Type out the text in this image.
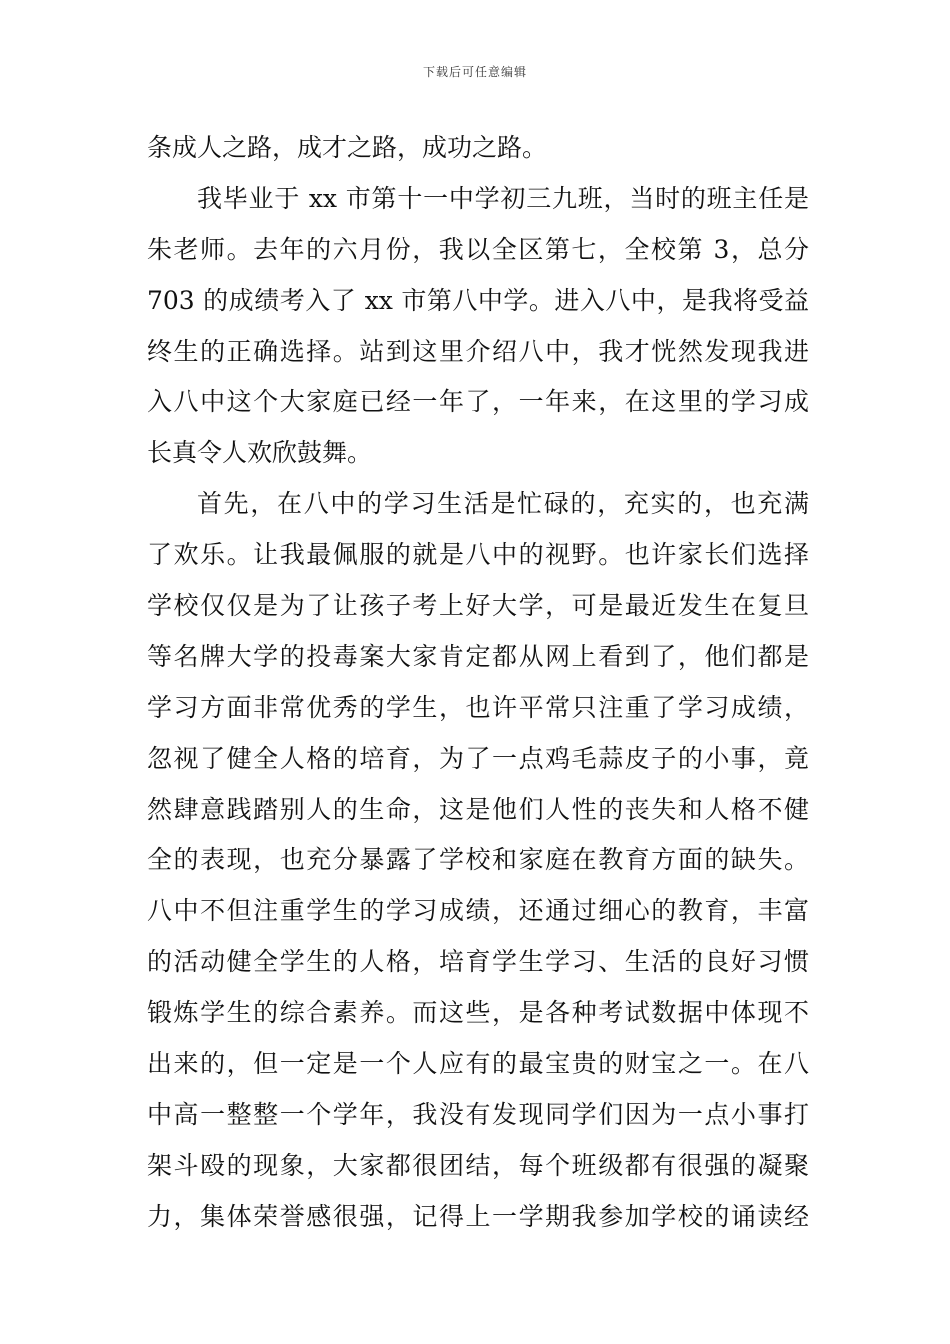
下载后可任意编辑
条成人之路，成才之路，成功之路。
我毕业于 xx 市第十一中学初三九班，当时的班主任是
朱老师。去年的六月份，我以全区第七，全校第 3，总分
703 的成绩考入了 xx 市第八中学。进入八中，是我将受益
终生的正确选择。站到这里介绍八中，我才恍然发现我进
入八中这个大家庭已经一年了，一年来，在这里的学习成
长真令人欢欣鼓舞。
首先，在八中的学习生活是忙碌的，充实的，也充满
了欢乐。让我最佩服的就是八中的视野。也许家长们选择
学校仅仅是为了让孩子考上好大学，可是最近发生在复旦
等名牌大学的投毒案大家肯定都从网上看到了，他们都是
学习方面非常优秀的学生，也许平常只注重了学习成绩，
忽视了健全人格的培育，为了一点鸡毛蒜皮子的小事，竟
然肆意践踏别人的生命，这是他们人性的丧失和人格不健
全的表现，也充分暴露了学校和家庭在教育方面的缺失。
八中不但注重学生的学习成绩，还通过细心的教育，丰富
的活动健全学生的人格，培育学生学习、生活的良好习惯
锻炼学生的综合素养。而这些，是各种考试数据中体现不
出来的，但一定是一个人应有的最宝贵的财宝之一。在八
中高一整整一个学年，我没有发现同学们因为一点小事打
架斗殴的现象，大家都很团结，每个班级都有很强的凝聚
力，集体荣誉感很强，记得上一学期我参加学校的诵读经
